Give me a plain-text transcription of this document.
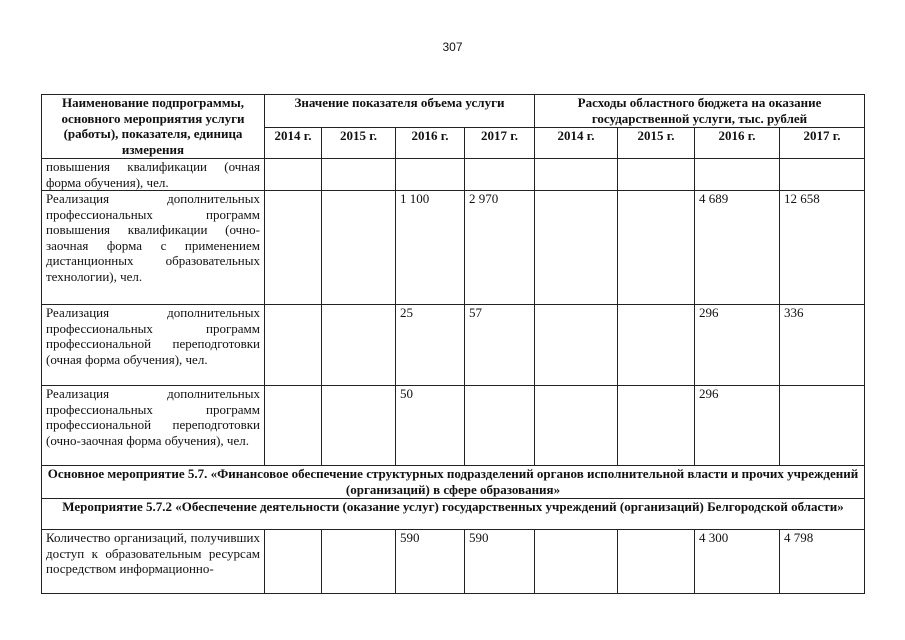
307
Наименование подпрограммы, основного мероприятия услуги (работы), показателя, единица измерения	Значение показателя объема услуги				Расходы областного бюджета на оказание государственной услуги, тыс. рублей			
	2014 г.	2015 г.	2016 г.	2017 г.	2014 г.	2015 г.	2016 г.	2017 г.
повышения квалификации (очная форма обучения), чел.								
Реализация дополнительных профессиональных программ повышения квалификации (очно-заочная форма с применением дистанционных образовательных технологии), чел.			1 100	2 970			4 689	12 658
Реализация дополнительных профессиональных программ профессиональной переподготовки (очная форма обучения), чел.			25	57			296	336
Реализация дополнительных профессиональных программ профессиональной переподготовки (очно-заочная форма обучения), чел.			50				296	
Основное мероприятие 5.7. «Финансовое обеспечение структурных подразделений органов исполнительной власти и прочих учреждений (организаций) в сфере образования»								
Мероприятие 5.7.2 «Обеспечение деятельности (оказание услуг) государственных учреждений (организаций) Белгородской области»								
Количество организаций, получивших доступ к образовательным ресурсам посредством информационно-			590	590			4 300	4 798
